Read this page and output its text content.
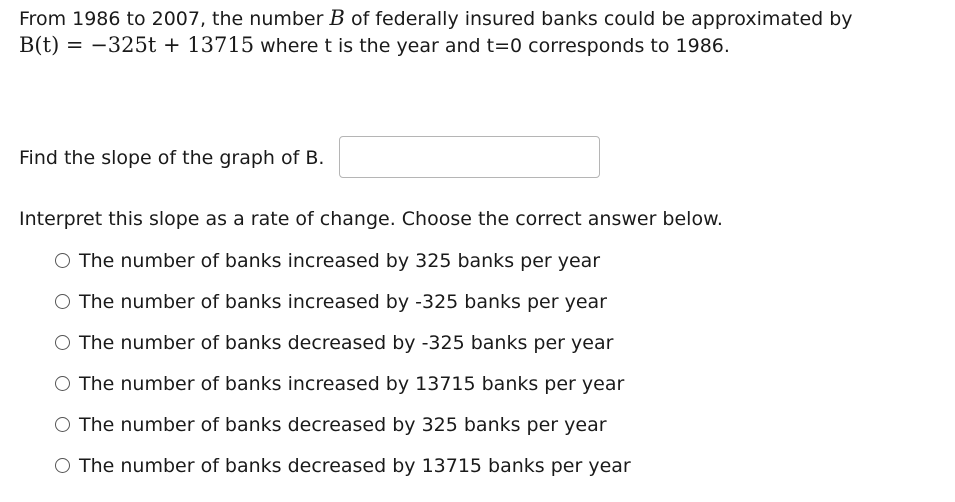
From 1986 to 2007, the number B of federally insured banks could be approximated by
B(t) = −325t + 13715 where t is the year and t=0 corresponds to 1986.
Find the slope of the graph of B.
Interpret this slope as a rate of change. Choose the correct answer below.
The number of banks increased by 325 banks per year
The number of banks increased by -325 banks per year
The number of banks decreased by -325 banks per year
The number of banks increased by 13715 banks per year
The number of banks decreased by 325 banks per year
The number of banks decreased by 13715 banks per year
